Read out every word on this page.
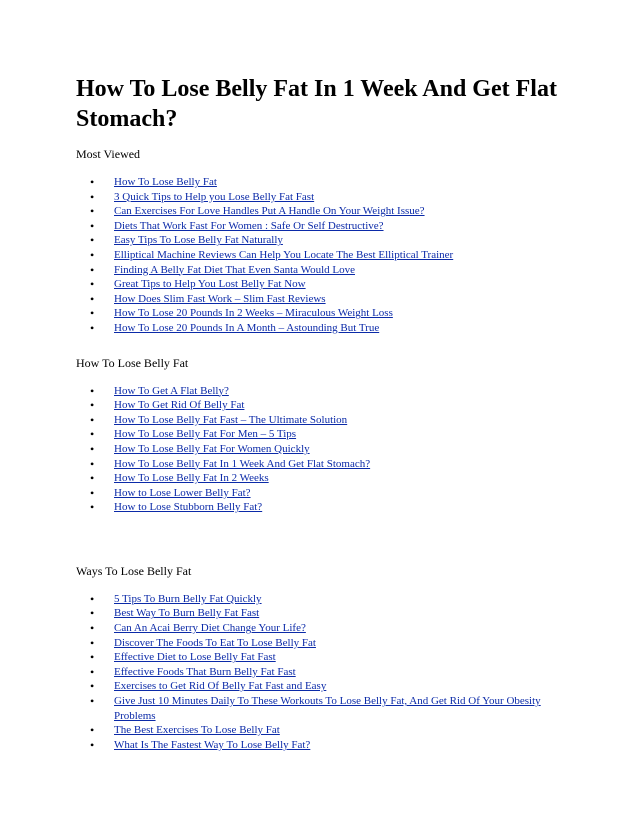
How To Lose Belly Fat In 1 Week And Get Flat Stomach?
Most Viewed
• How To Lose Belly Fat
• 3 Quick Tips to Help you Lose Belly Fat Fast
• Can Exercises For Love Handles Put A Handle On Your Weight Issue?
• Diets That Work Fast For Women : Safe Or Self Destructive?
• Easy Tips To Lose Belly Fat Naturally
• Elliptical Machine Reviews Can Help You Locate The Best Elliptical Trainer
• Finding A Belly Fat Diet That Even Santa Would Love
• Great Tips to Help You Lost Belly Fat Now
• How Does Slim Fast Work – Slim Fast Reviews
• How To Lose 20 Pounds In 2 Weeks – Miraculous Weight Loss
• How To Lose 20 Pounds In A Month – Astounding But True
How To Lose Belly Fat
• How To Get A Flat Belly?
• How To Get Rid Of Belly Fat
• How To Lose Belly Fat Fast – The Ultimate Solution
• How To Lose Belly Fat For Men – 5 Tips
• How To Lose Belly Fat For Women Quickly
• How To Lose Belly Fat In 1 Week And Get Flat Stomach?
• How To Lose Belly Fat In 2 Weeks
• How to Lose Lower Belly Fat?
• How to Lose Stubborn Belly Fat?
Ways To Lose Belly Fat
• 5 Tips To Burn Belly Fat Quickly
• Best Way To Burn Belly Fat Fast
• Can An Acai Berry Diet Change Your Life?
• Discover The Foods To Eat To Lose Belly Fat
• Effective Diet to Lose Belly Fat Fast
• Effective Foods That Burn Belly Fat Fast
• Exercises to Get Rid Of Belly Fat Fast and Easy
• Give Just 10 Minutes Daily To These Workouts To Lose Belly Fat, And Get Rid Of Your Obesity Problems
• The Best Exercises To Lose Belly Fat
• What Is The Fastest Way To Lose Belly Fat?
